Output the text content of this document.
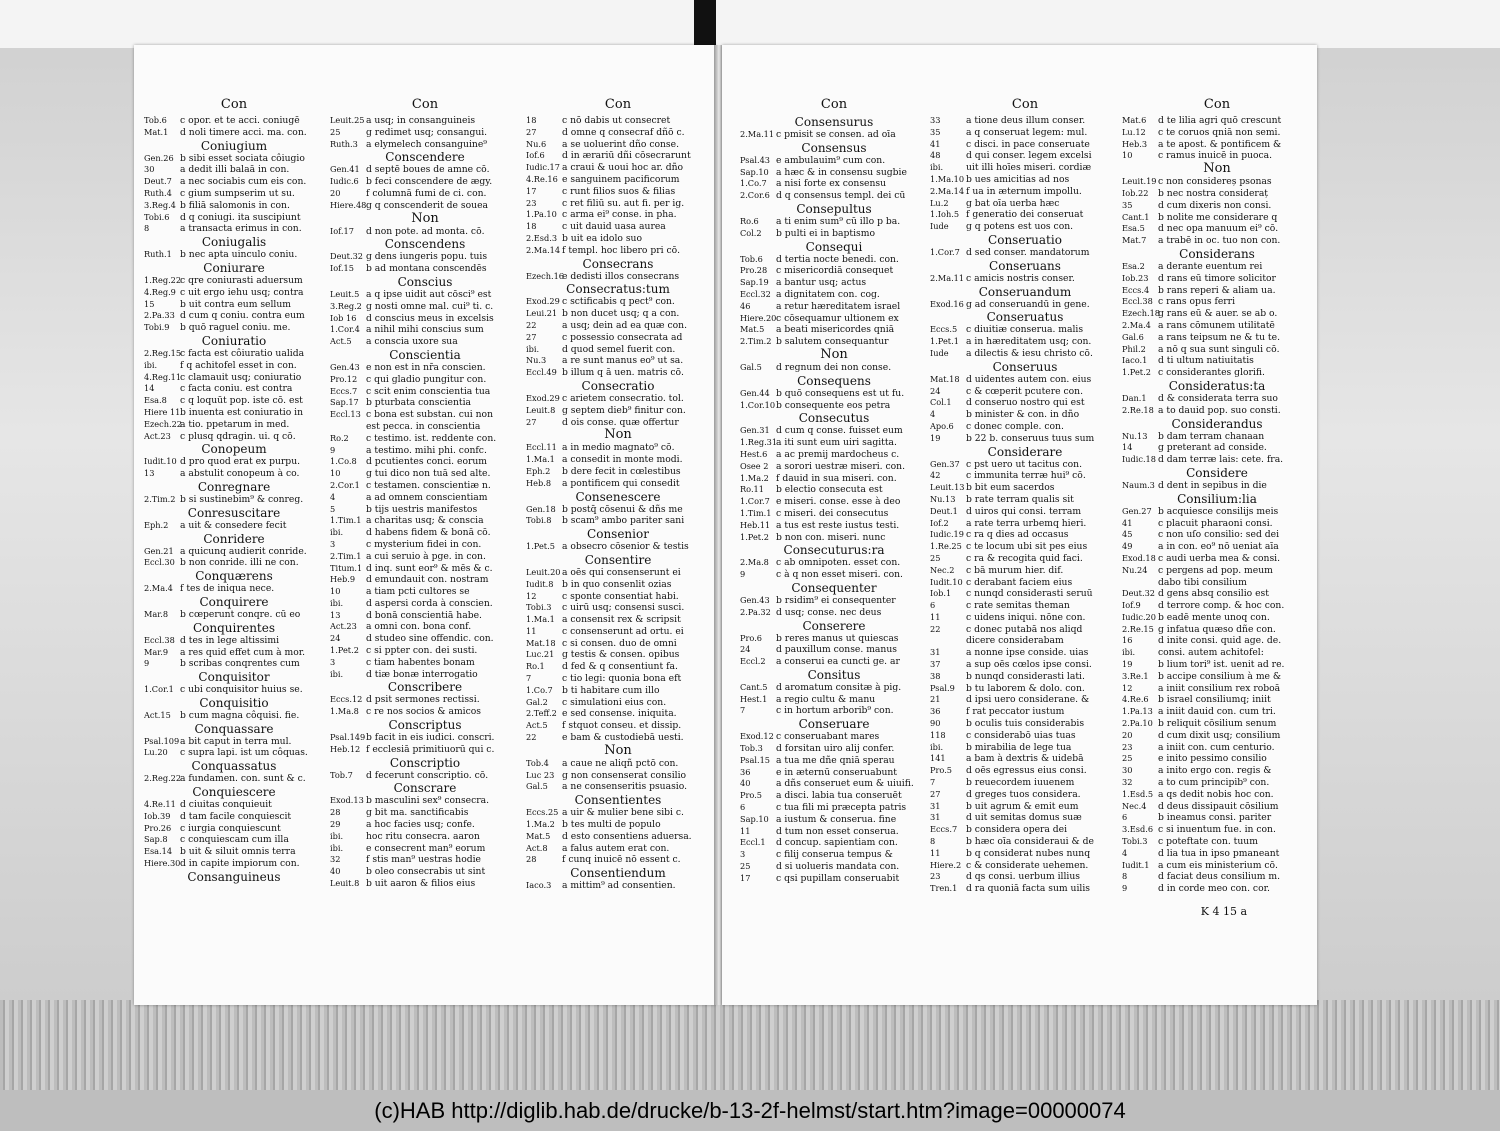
Con
Tob.6 c opor. et te acci. coniugē
Mat.1 d noli timere acci. ma. con.
Coniugium
Gen.26 b sibi esset sociata côiugio
30	a dedit illi balaā in con.
Deut.7 a nec sociabis cum eis con.
Ruth.4 c gium sumpserim ut su.
3.Reg.4 b filiā salomonis in con.
Tobi.6 d q coniugi. ita suscipiunt
8	a transacta erimus in con.
Coniugalis
Ruth.1 b nec apta uinculo coniu.
Coniurare
1.Reg.22c qre coniurasti aduersum
4.Reg.9 c uit ergo iehu usq; contra
15	b uit contra eum sellum
2.Pa.33 d cum q coniu. contra eum
Tobi.9 b quō raguel coniu. me.
Coniuratio
2.Reg.15c facta est côiuratio ualida
ibi. f q achitofel esset in con.
4.Reg.11c clamauit usq; coniuratio
14	c facta coniu. est contra
Esa.8 c q loquūt pop. iste cō. est
Hiere 11b inuenta est coniuratio in
Ezech.22a tio. ppetarum in med.
Act.23 c plusq qdragin. ui. q cō.
Conopeum
Iudit.10 d pro quod erat ex purpu.
13	a abstulit conopeum à co.
Conregnare
2.Tim.2 b si sustinebim⁹ & conreg.
Conresuscitare
Eph.2 a uit & consedere fecit
Conridere
Gen.21 a quicunq audierit conride.
Eccl.30 b non conride. illi ne con.
Conquærens
2.Ma.4 f tes de iniqua nece.
Conquirere
Mar.8 b cœperunt conqre. cū eo
Conquirentes
Eccl.38 d tes in lege altissimi
Mar.9 a res quid effet cum à mor.
9	b scribas conqrentes cum
Conquisitor
1.Cor.1 c ubi conquisitor huius se.
Conquisitio
Act.15 b cum magna côquisi. fie.
Conquassare
Psal.109a bit caput in terra mul.
Lu.20 c supra lapi. ist um côquas.
Conquassatus
2.Reg.22a fundamen. con. sunt & c.
Conquiescere
4.Re.11 d ciuitas conquieuit
Iob.39 d tam facile conquiescit
Pro.26 c iurgia conquiescunt
Sap.8 c conquiescam cum illa
Esa.14 b uit & siluit omnis terra
Hiere.30d in capite impiorum con.
Consanguineus
Con
Leuit.25 a usq; in consanguineis
25	g redimet usq; consangui.
Ruth.3 a elymelech consanguine⁹
Conscendere
Gen.41 d septē boues de amne cō.
Iudic.6 b feci conscendere de ægy.
20	f columnā fumi de ci. con.
Hiere.48g q conscenderit de souea
Non
Iof.17 d non pote. ad monta. cō.
Conscendens
Deut.32 g dens iungeris popu. tuis
Iof.15 b ad montana conscendēs
Conscius
Leuit.5 a q ipse uidit aut cōsci⁹ est
3.Reg.2 g nosti omne mal. cui⁹ ti. c.
Iob 16 d conscius meus in excelsis
1.Cor.4 a nihil mihi conscius sum
Act.5 a conscia uxore sua
Conscientia
Gen.43 e non est in nr̄a conscien.
Pro.12 c qui gladio pungitur con.
Eccs.7 c scit enim conscientia tua
Sap.17 b pturbata conscientia
Eccl.13 c bona est substan. cui non
est pecca. in conscientia
Ro.2 c testimo. ist. reddente con.
9	a testimo. mihi phi. confc.
1.Co.8 d pcutientes conci. eorum
10	g tui dico non tuā sed alte.
2.Cor.1 c testamen. conscientiæ n.
4	a ad omnem conscientiam
5	b tijs uestris manifestos
1.Tim.1 a charitas usq; & conscia
ibi. d habens fidem & bonā cō.
3	c mysterium fidei in con.
2.Tim.1 a cui seruio à pge. in con.
Titum.1 d inq. sunt eor⁹ & mēs & c.
Heb.9 d emundauit con. nostram
10	a tiam pcti cultores se
ibi. d aspersi corda à conscien.
13	d bonā conscientiā habe.
Act.23 a omni con. bona conf.
24	d studeo sine offendic. con.
1.Pet.2 c si ppter con. dei susti.
3	c tiam habentes bonam
ibi. d tiæ bonæ interrogatio
Conscribere
Eccs.12 d psit sermones rectissi.
1.Ma.8 c re nos socios & amicos
Conscriptus
Psal.149b facit in eis iudici. conscri.
Heb.12 f ecclesiā primitiuorū qui c.
Conscriptio
Tob.7 d fecerunt conscriptio. cō.
Conscrare
Exod.13 b masculini sex⁹ consecra.
28	g bit ma. sanctificabis
29	a hoc facies usq; confe.
ibi. hoc ritu consecra. aaron
ibi. e consecrent man⁹ eorum
32	f stis man⁹ uestras hodie
40	b oleo consecrabis ut sint
Leuit.8 b uit aaron & filios eius
Con
18	c nō dabis ut consecret
27	d omne q consecraf dñō c.
Nu.6 a se uoluerint dño conse.
Iof.6 d in ærariū dñi cōsecrarunt
Iudic.17 a craui & uoui hoc ar. dño
4.Re.16 e sanguinem pacificorum
17	c runt filios suos & filias
23	c ret filiū su. aut fi. per ig.
1.Pa.10 c arma ei⁹ conse. in pha.
18	c uit dauid uasa aurea
2.Esd.3 b uit ea idolo suo
2.Ma.14 f templ. hoc libero pri cō.
Consecrans
Ezech.16e dedisti illos consecrans
Consecratus:tum
Exod.29 c sctificabis q pect⁹ con.
Leui.21 b non ducet usq; q a con.
22	a usq; dein ad ea quæ con.
27	c possessio consecrata ad
ibi. d quod semel fuerit con.
Nu.3 a re sunt manus eo⁹ ut sa.
Eccl.49 b illum q ā uen. matris cō.
Consecratio
Exod.29 c arietem consecratio. tol.
Leuit.8 g septem dieb⁹ finitur con.
27	d ois conse. quæ offertur
Non
Eccl.11 a in medio magnato⁹ cō.
1.Ma.1 a consedit in monte modi.
Eph.2 b dere fecit in cœlestibus
Heb.8 a pontificem qui consedit
Consenescere
Gen.18 b postq̄ cōsenui & dñs me
Tobi.8 b scam⁹ ambo pariter sani
Consenior
1.Pet.5 a obsecro cōsenior & testis
Consentire
Leuit.20 a oēs qui consenserunt ei
Iudit.8 b in quo consenlit ozias
12	c sponte consentiat habi.
Tobi.3 c uirū usq; consensi susci.
1.Ma.1 a consensit rex & scripsit
11	c consenserunt ad ortu. ei
Mat.18 c si consen. duo de omni
Luc.21 g testis & consen. opibus
Ro.1 d fed & q consentiunt fa.
7	c tio legi: quonia bona eft
1.Co.7 b ti habitare cum illo
Gal.2 c simulationi eius con.
2.Teff.2 e sed consense. iniquita.
Act.5 f stquot conseu. et dissip.
22	e bam & custodiebā uesti.
Non
Tob.4 a caue ne aliqñ pctō con.
Luc 23 g non consenserat consilio
Gal.5 a ne consenseritis psuasio.
Consentientes
Eccs.25 a uir & mulier bene sibi c.
1.Ma.2 b tes multi de populo
Mat.5 d esto consentiens aduersa.
Act.8 a falus autem erat con.
28	f cunq inuicē nō essent c.
Consentiendum
Iaco.3 a mittim⁹ ad consentien.
Con
Consensurus
2.Ma.11 c pmisit se consen. ad oīa
Consensus
Psal.43 e ambulauim⁹ cum con.
Sap.10 a hæc & in consensu sugbie
1.Co.7 a nisi forte ex consensu
2.Cor.6 d q consensus templ. dei cū
Consepultus
Ro.6 a ti enim sum⁹ cū illo p ba.
Col.2 b pulti ei in baptismo
Consequi
Tob.6 d tertia nocte benedi. con.
Pro.28 c misericordiā consequet
Sap.19 a bantur usq; actus
Eccl.32 a dignitatem con. cog.
46	a retur hæreditatem israel
Hiere.20c cōsequamur ultionem ex
Mat.5 a beati misericordes qniā
2.Tim.2 b salutem consequantur
Non
Gal.5 d regnum dei non conse.
Consequens
Gen.44 b quō consequens est ut fu.
1.Cor.10b consequente eos petra
Consecutus
Gen.31 d cum q conse. fuisset eum
1.Reg.31a iti sunt eum uiri sagitta.
Hest.6 a ac premij mardocheus c.
Osee 2 a sorori uestræ miseri. con.
1.Ma.2 f dauid in sua miseri. con.
Ro.11 b electio consecuta est
1.Cor.7 e miseri. conse. esse à deo
1.Tim.1 c miseri. dei consecutus
Heb.11 a tus est reste iustus testi.
1.Pet.2 b non con. miseri. nunc
Consecuturus:ra
2.Ma.8 c ab omnipoten. esset con.
9	c à q non esset miseri. con.
Consequenter
Gen.43 b rsidim⁹ ei consequenter
2.Pa.32 d usq; conse. nec deus
Conserere
Pro.6 b reres manus ut quiescas
24	d pauxillum conse. manus
Eccl.2 a conserui ea cuncti ge. ar
Consitus
Cant.5 d aromatum consitæ à pig.
Hest.1 a regio cultu & manu
7	c in hortum arborib⁹ con.
Conseruare
Exod.12 c conseruabant mares
Tob.3 d forsitan uiro alij confer.
Psal.15 a tua me dñe qniā sperau
36	e in æternū conseruabunt
40	a dñs conseruet eum & uiuifi.
Pro.5 a disci. labia tua conseruēt
6	c tua fili mi præcepta patris
Sap.10 a iustum & conserua. fine
11	d tum non esset conserua.
Eccl.1 d concup. sapientiam con.
3	c filij conserua tempus &
25	d si uolueris mandata con.
17	c qsi pupillam conseruabit
Con
33	a tione deus illum conser.
35	a q conseruat legem: mul.
41	c disci. in pace conseruate
48	d qui conser. legem excelsi
ibi. uit illi hoīes miseri. cordiæ
1.Ma.10 b ues amicitias ad nos
2.Ma.14 f ua in æternum impollu.
Lu.2 g bat oīa uerba hæc
1.Ioh.5 f generatio dei conseruat
Iude g q potens est uos con.
Conseruatio
1.Cor.7 d sed conser. mandatorum
Conseruans
2.Ma.11 c amicis nostris conser.
Conseruandum
Exod.16 g ad conseruandū in gene.
Conseruatus
Eccs.5 c diuitiæ conserua. malis
1.Pet.1 a in hæreditatem usq; con.
Iude a dilectis & iesu christo cō.
Conseruus
Mat.18 d uidentes autem con. eius
24	c & cœperit pcutere con.
Col.1 d conseruo nostro qui est
4	b minister & con. in dño
Apo.6 c donec comple. con.
19	b 22 b. conseruus tuus sum
Considerare
Gen.37 c pst uero ut tacitus con.
42	c immunita terræ hui⁹ cō.
Leuit.13 b bit eum sacerdos
Nu.13 b rate terram qualis sit
Deut.1 d uiros qui consi. terram
Iof.2 a rate terra urbemq hieri.
Iudic.19 c ra q dies ad occasus
1.Re.25 c te locum ubi sit pes eius
25	c ra & recogita quid faci.
Nec.2 c bā murum hier. dif.
Iudit.10 c derabant faciem eius
Iob.1 c nunqd considerasti seruū
6	c rate semitas theman
11	c uidens iniqui. nōne con.
22	c donec putabā nos aliqd
dicere considerabam
31	a nonne ipse conside. uias
37	a sup oēs cœlos ipse consi.
38	b nunqd considerasti lati.
Psal.9 b tu laborem & dolo. con.
21	d ipsi uero considerane. &
36	f rat peccator iustum
90	b oculis tuis considerabis
118 c considerabō uias tuas
ibi. b mirabilia de lege tua
141 a bam à dextris & uidebā
Pro.5 d oēs egressus eius consi.
7	b reuecordem iuuenem
27	d greges tuos considera.
31	b uit agrum & emit eum
31	d uit semitas domus suæ
Eccs.7 b considera opera dei
8	b hæc oīa consideraui & de
11	b q considerat nubes nunq
Hiere.2 c & considerate uehemen.
23	d qs consi. uerbum illius
Tren.1 d ra quoniā facta sum uilis
Con
Mat.6 d te lilia agri quō crescunt
Lu.12 c te coruos qniā non semi.
Heb.3 a te apost. & pontificem &
10	c ramus inuicē in puoca.
Non
Leuit.19 c non considereș psonas
Iob.22 b nec nostra consideraț
35	d cum dixeris non consi.
Cant.1 b nolite me considerare q
Esa.5 d nec opa manuum ei⁹ cō.
Mat.7 a trabē in oc. tuo non con.
Considerans
Esa.2 a derante euentum rei
Iob.23 d rans eū timore solicitor
Eccs.4 b rans reperi & aliam ua.
Eccl.38 c rans opus ferri
Ezech.18g rans eū & auer. se ab o.
2.Ma.4 a rans cōmunem utilitatē
Gal.6 a rans teipsum ne & tu te.
Phil.2 a nō q sua sunt singuli cō.
Iaco.1 d ti ultum natiuitatis
1.Pet.2 c considerantes glorifi.
Consideratus:ta
Dan.1 d & considerata terra suo
2.Re.18 a to dauid pop. suo consti.
Considerandus
Nu.13 b dam terram chanaan
14	g preterant ad conside.
Iudic.18 d dam terræ lais: cete. fra.
Considere
Naum.3 d dent in sepibus in die
Consilium:lia
Gen.27 b acquiesce consilijs meis
41	c placuit pharaoni consi.
45	c non uſo consilio: sed dei
49	a in con. eo⁹ nō ueniat aīa
Exod.18 c audi uerba mea & consi.
Nu.24 c pergens ad pop. meum
dabo tibi consilium
Deut.32 d gens absq consilio est
Iof.9 d terrore comp. & hoc con.
Iudic.20 b eadē mente unoq con.
2.Re.15 g infatua quæso dñe con.
16	d inite consi. quid age. de.
ibi. consi. autem achitofel:
19	b lium tori⁹ ist. uenit ad re.
3.Re.1 b accipe consilium à me &
12	a iniit consilium rex roboā
4.Re.6 b israel consiliumq; iniit
1.Pa.13 a iniit dauid con. cum tri.
2.Pa.10 b reliquit cōsilium senum
20	d cum dixit usq; consilium
23	a iniit con. cum centurio.
25	e inito pessimo consilio
30	a inito ergo con. regis &
32	a to cum principib⁹ con.
1.Esd.5 a qs dedit nobis hoc con.
Nec.4 d deus dissipauit cōsilium
6	b ineamus consi. pariter
3.Esd.6 c si inuentum fue. in con.
Tobi.3 c poteftate con. tuum
4	d lia tua in ipso pmaneant
Iudit.1 a cum eis ministerium cō.
8	d faciat deus consilium m.
9	d in corde meo con. cor.
K 4 15 a
(c)HAB http://diglib.hab.de/drucke/b-13-2f-helmst/start.htm?image=00000074
